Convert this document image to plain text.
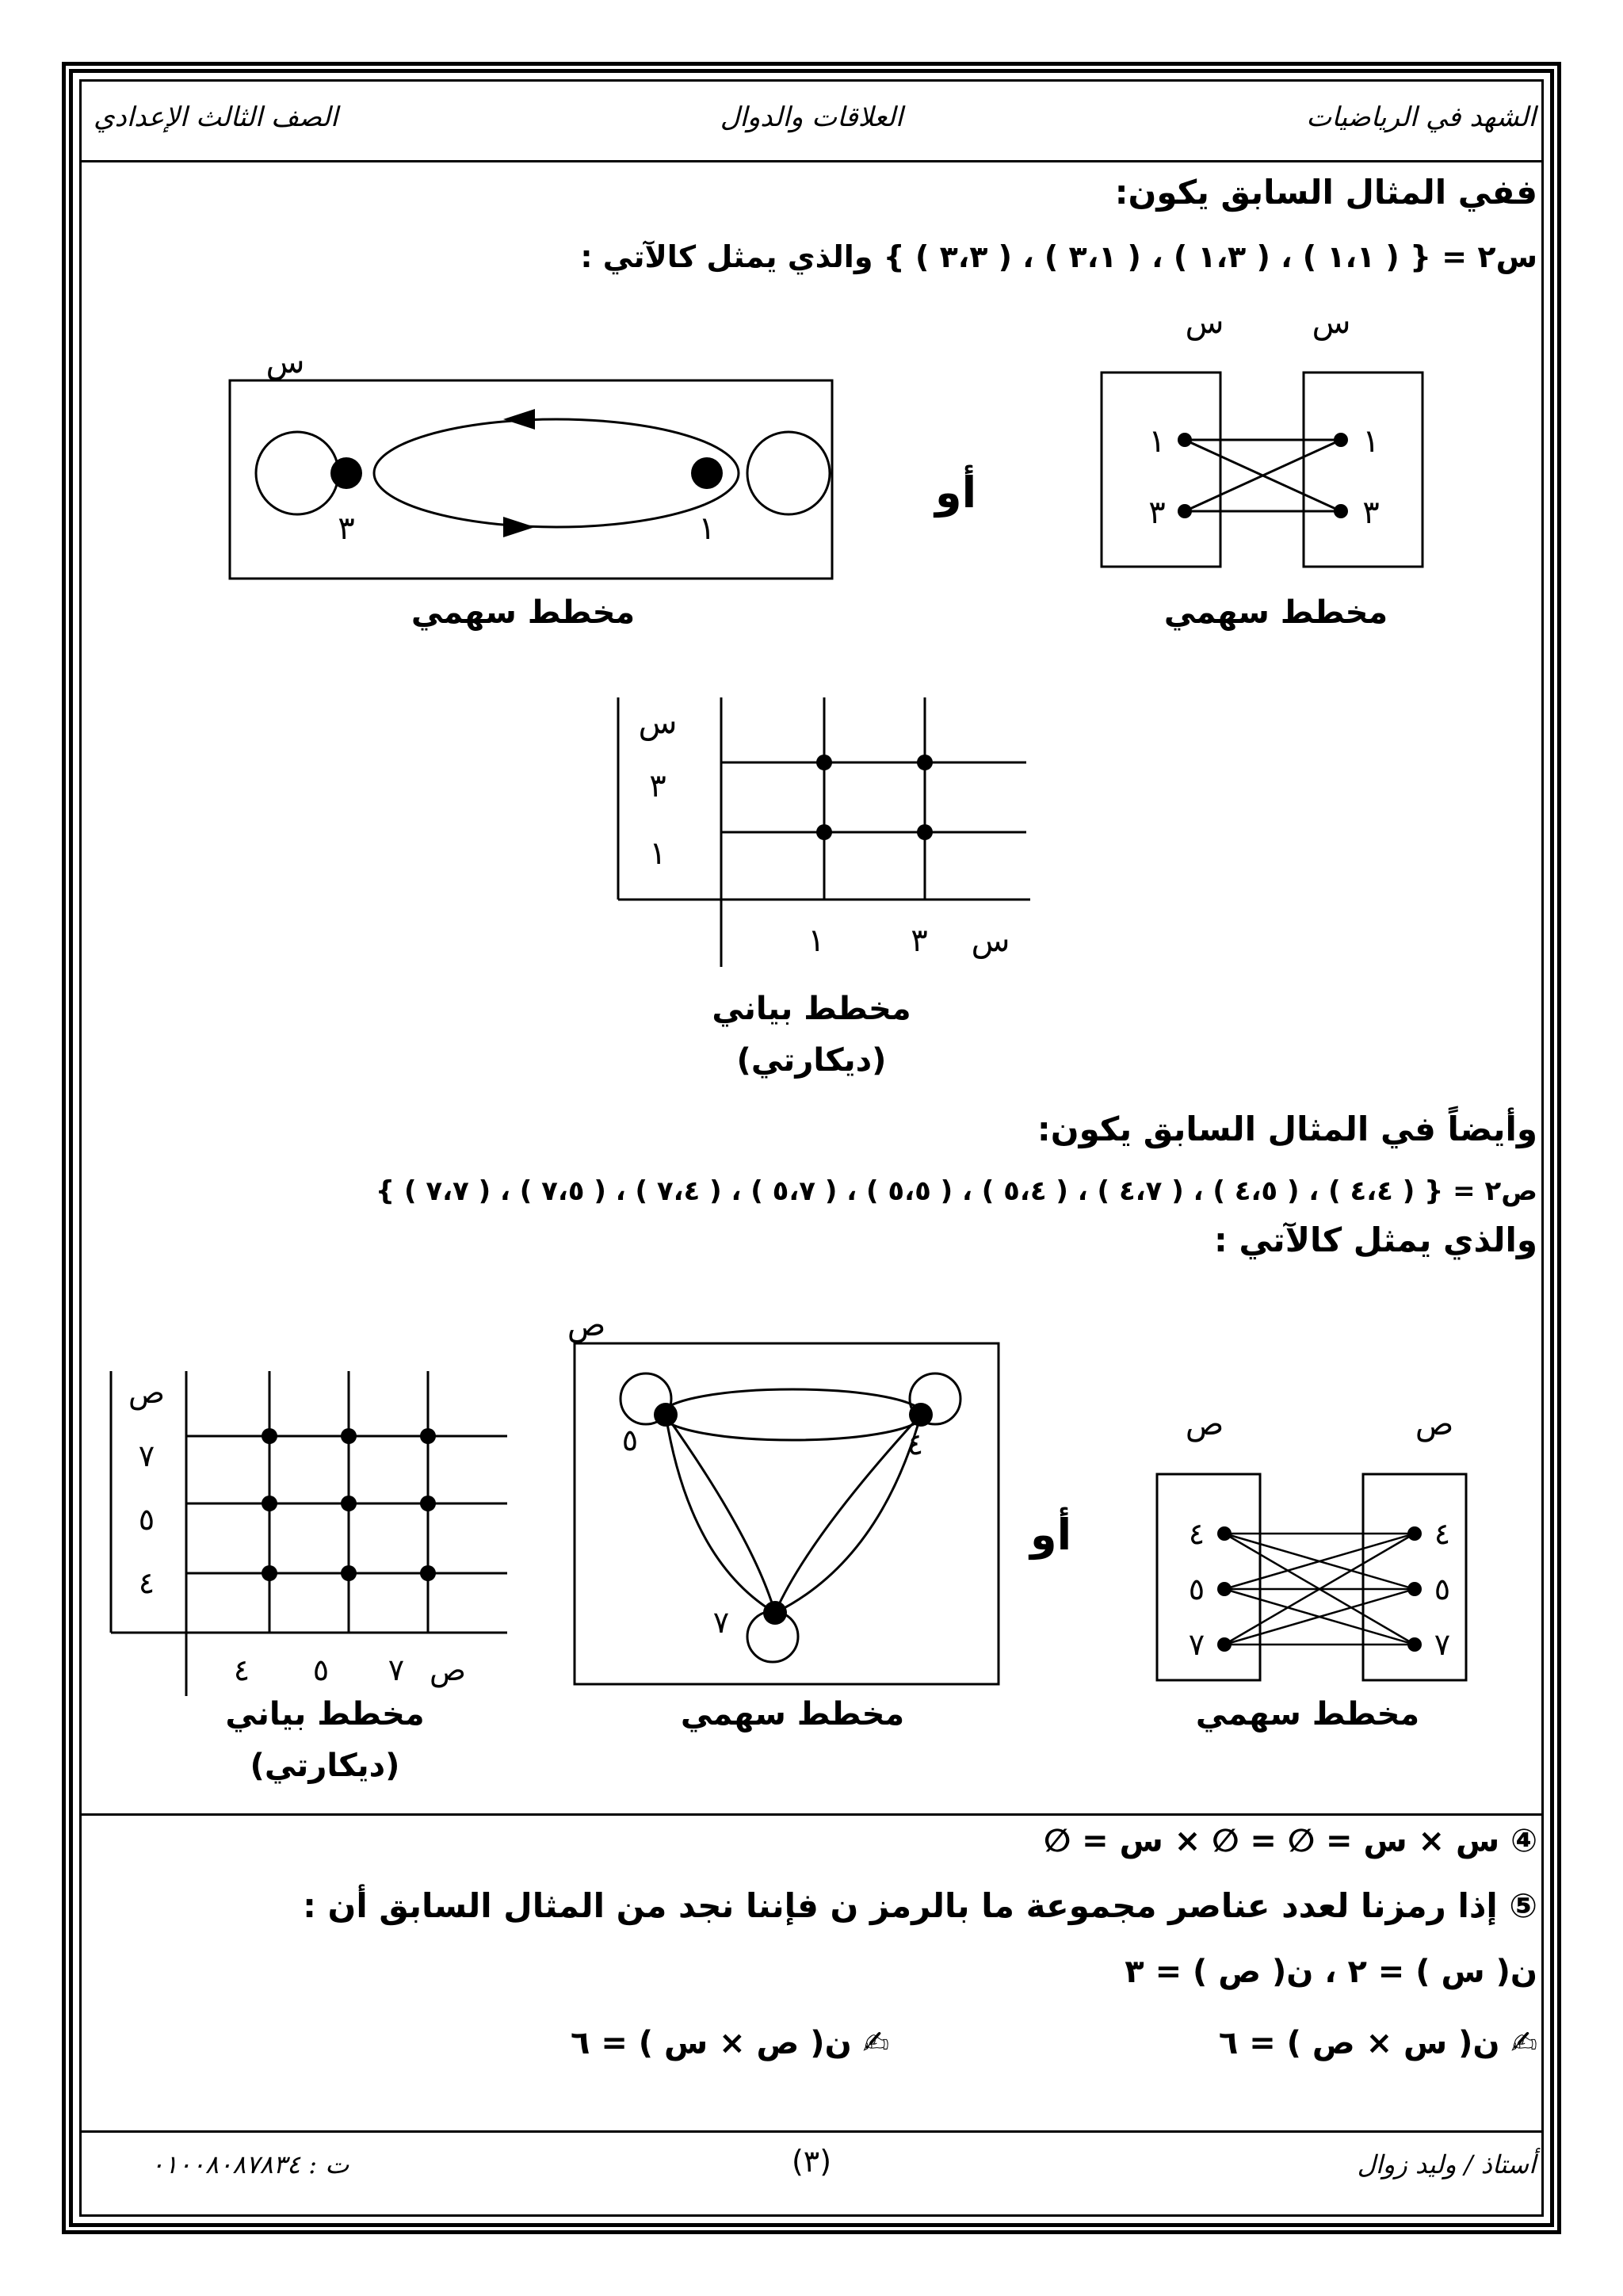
الشهد في الرياضيات
العلاقات والدوال
الصف الثالث الإعدادي
ففي المثال السابق يكون:
س٢ = { ( ١،١ ) ، ( ١،٣ ) ، ( ٣،١ ) ، ( ٣،٣ ) } والذي يمثل كالآتي :
س
س
١
٣
١
٣
مخطط سهمي
أو
س
٣	١
مخطط سهمي
س
٣
١
١	٣ س
مخطط بياني
(ديكارتي)
وأيضاً في المثال السابق يكون:
ص٢ = { ( ٤،٤ ) ، ( ٤،٥ ) ، ( ٤،٧ ) ، ( ٥،٤ ) ، ( ٥،٥ ) ، ( ٥،٧ ) ، ( ٧،٤ ) ، ( ٧،٥ ) ، ( ٧،٧ ) }
والذي يمثل كالآتي :
ص	ص
٤
٥
٧
٤
٥
٧
مخطط سهمي
أو
ص
٥	٤
٧
مخطط سهمي
ص
٧
٥
٤
٤ ٥ ٧ ص
مخطط بياني
(ديكارتي)
④ س × س = ∅ = ∅ × س = ∅
⑤ إذا رمزنا لعدد عناصر مجموعة ما بالرمز ن فإننا نجد من المثال السابق أن :
ن( س ) = ٢ ، ن( ص ) = ٣
✍ ن( س × ص ) = ٦
✍ ن( ص × س ) = ٦
أستاذ / وليد زوال
(٣)
ت : ٠١٠٠٨٠٨٧٨٣٤
